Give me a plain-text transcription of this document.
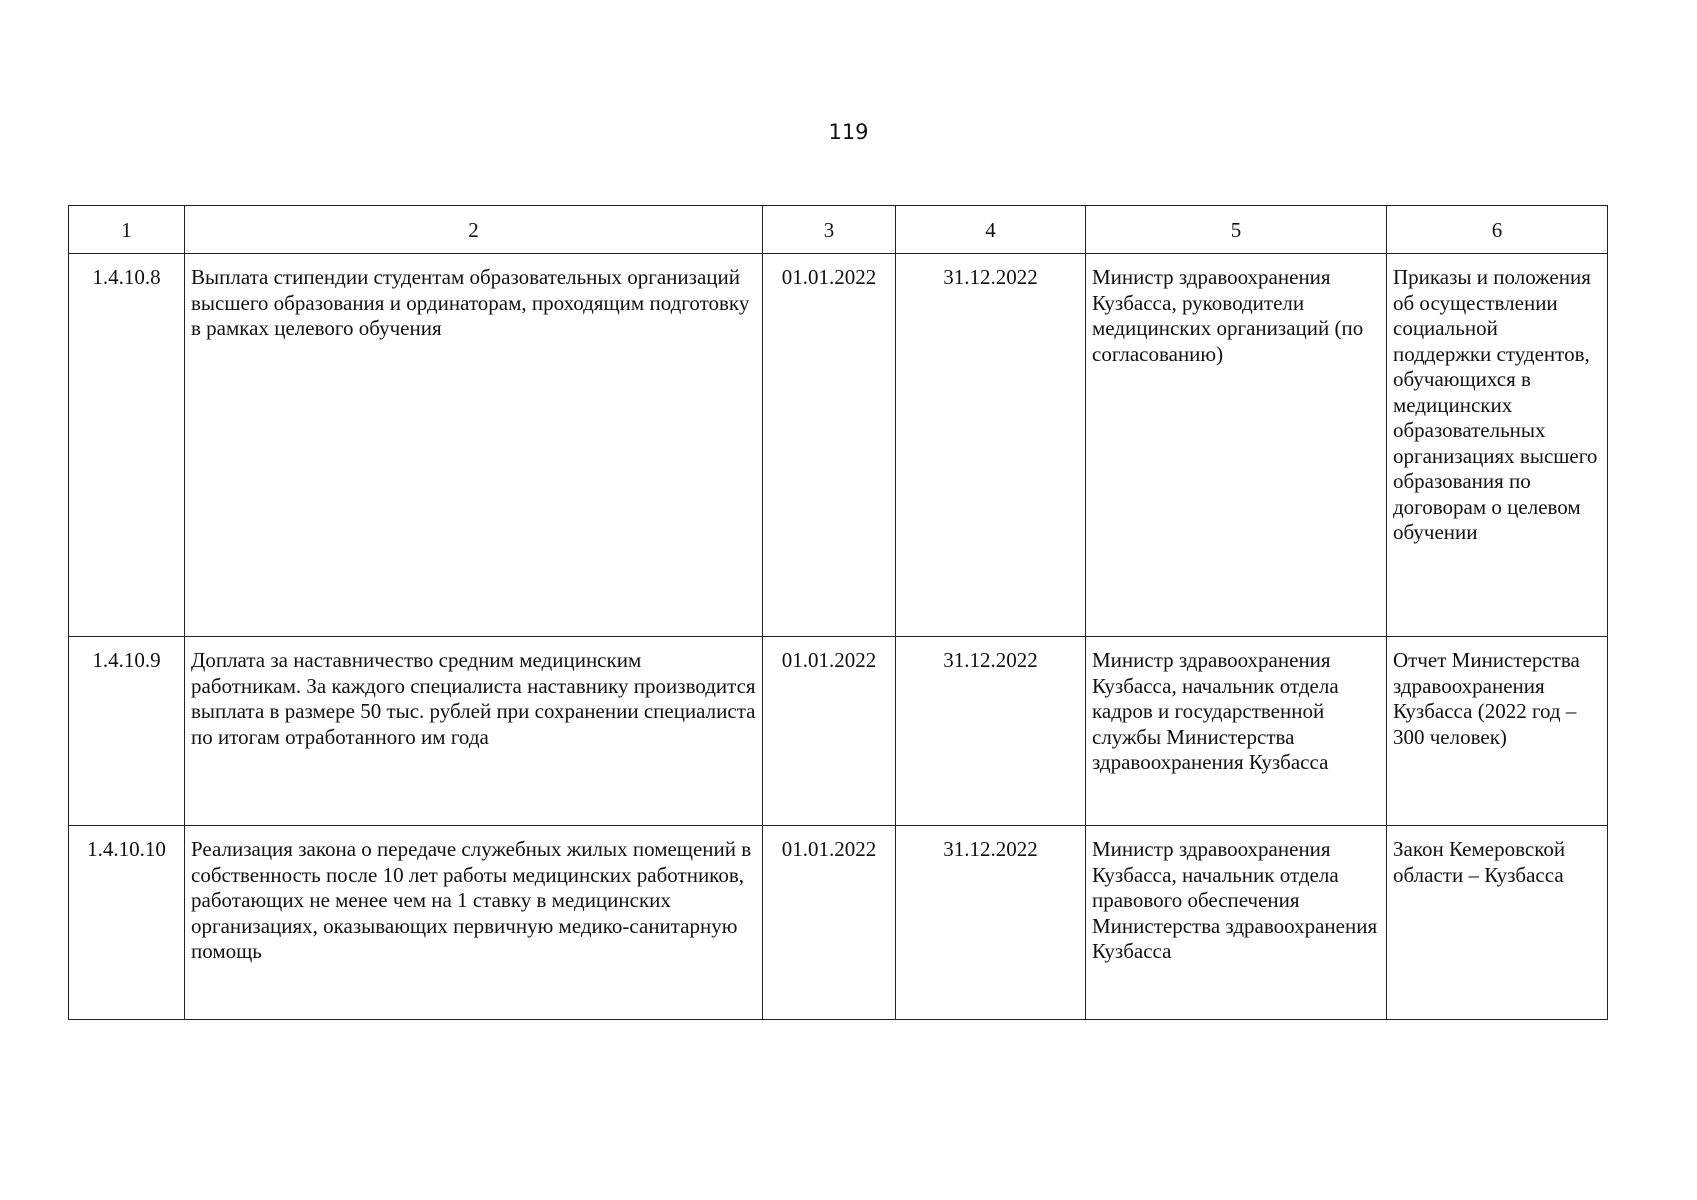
119
1	2	3	4	5	6
1.4.10.8	Выплата стипендии студентам образовательных организаций высшего образования и ординаторам, проходящим подготовку в рамках целевого обучения	01.01.2022	31.12.2022	Министр здравоохранения Кузбасса, руководители медицинских организаций (по согласованию)	Приказы и положения об осуществлении социальной поддержки студентов, обучающихся в медицинских образовательных организациях высшего образования по договорам о целевом обучении
1.4.10.9	Доплата за наставничество средним медицинским работникам. За каждого специалиста наставнику производится выплата в размере 50 тыс. рублей при сохранении специалиста по итогам отработанного им года	01.01.2022	31.12.2022	Министр здравоохранения Кузбасса, начальник отдела кадров и государственной службы Министерства здравоохранения Кузбасса	Отчет Министерства здравоохранения Кузбасса (2022 год – 300 человек)
1.4.10.10	Реализация закона о передаче служебных жилых помещений в собственность после 10 лет работы медицинских работников, работающих не менее чем на 1 ставку в медицинских организациях, оказывающих первичную медико-санитарную помощь	01.01.2022	31.12.2022	Министр здравоохранения Кузбасса, начальник отдела правового обеспечения Министерства здравоохранения Кузбасса	Закон Кемеровской области – Кузбасса
